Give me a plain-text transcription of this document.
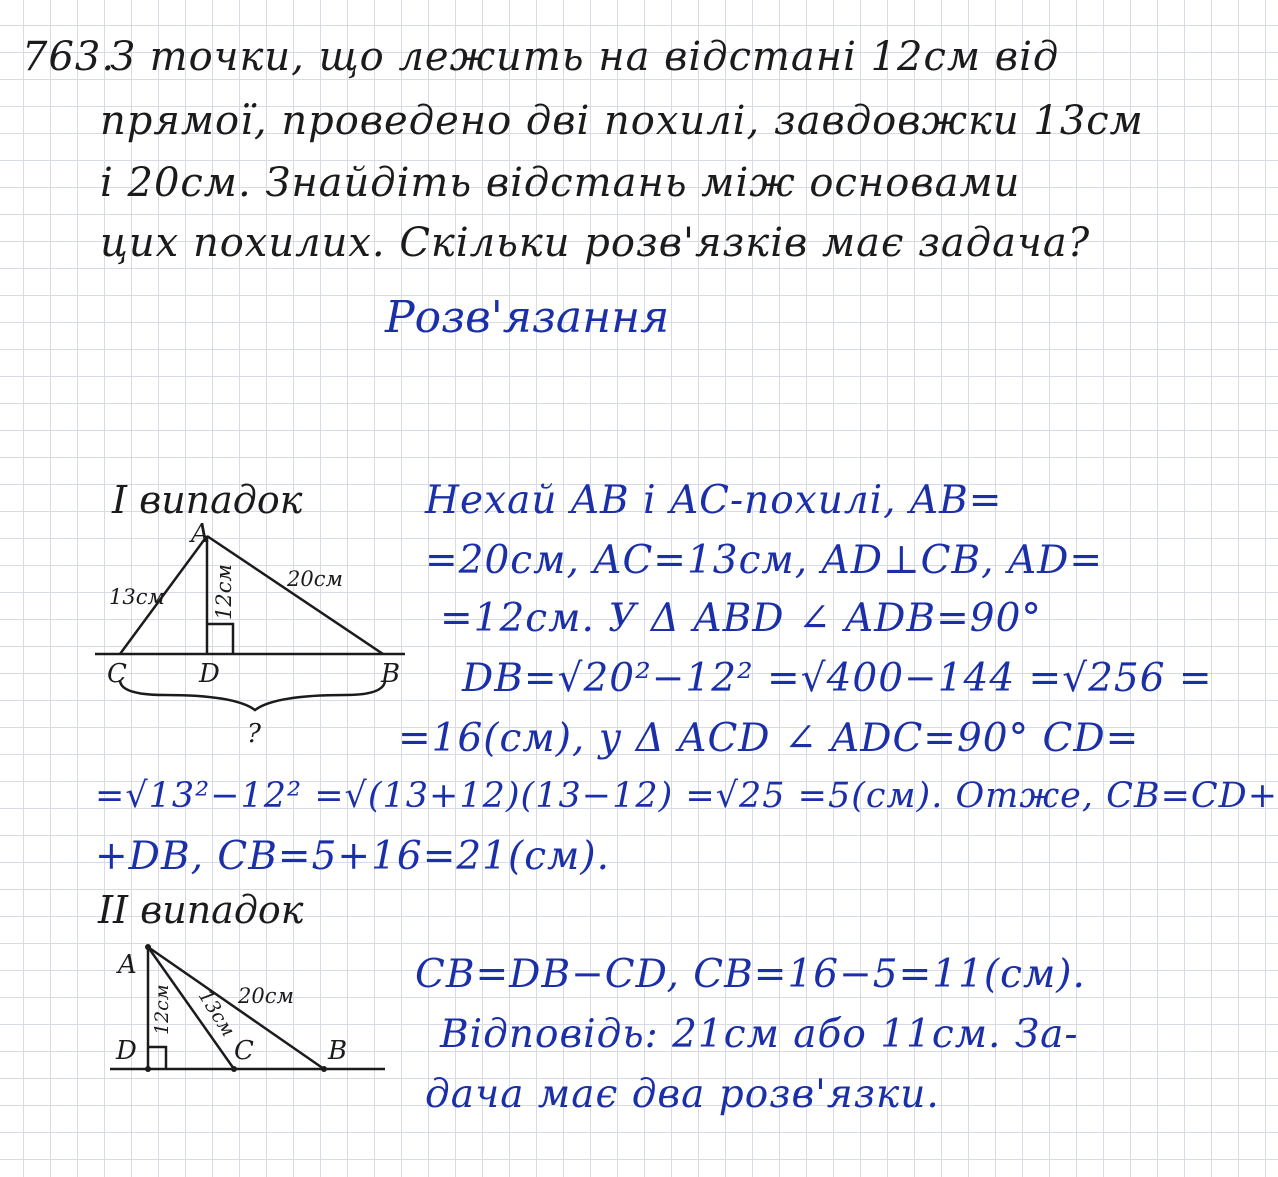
763.
З точки, що лежить на відстані 12см від
прямої, проведено дві похилі, завдовжки 13см
і 20см. Знайдіть відстань між основами
цих похилих. Скільки розв'язків має задача?
Розв'язання
І випадок
A
C	D	B
13см 12см 20см
?
Нехай AB і AC-похилі, AB=
=20см, AC=13см, AD⊥CB, AD=
=12см. У Δ ABD ∠ ADB=90°
DB=√20²−12² =√400−144 =√256 =
=16(см), у Δ ACD ∠ ADC=90° CD=
=√13²−12² =√(13+12)(13−12) =√25 =5(см). Отже, CB=CD+
+DB, CB=5+16=21(см).
ІІ випадок
A
D	C	B
12см 13см
20см	CB=DB−CD, CB=16−5=11(см).
Відповідь: 21см або 11см. За-
дача має два розв'язки.
